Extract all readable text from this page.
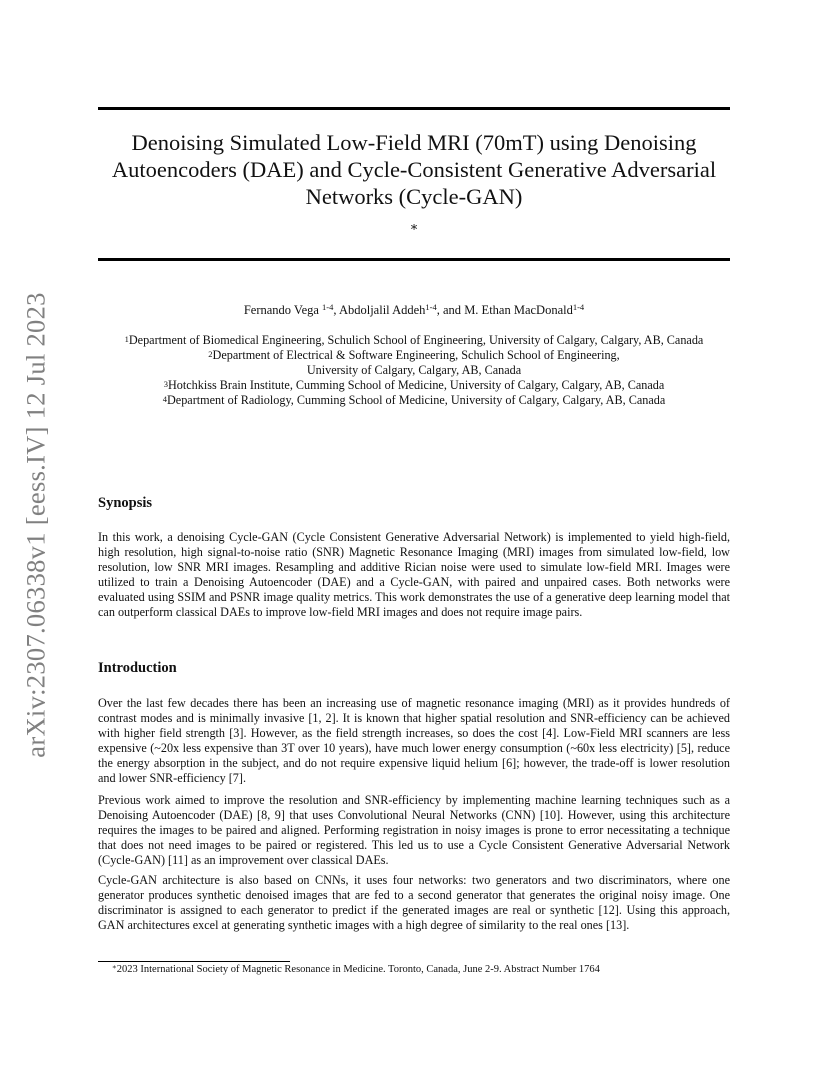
arXiv:2307.06338v1 [eess.IV] 12 Jul 2023
Denoising Simulated Low-Field MRI (70mT) using Denoising
Autoencoders (DAE) and Cycle-Consistent Generative Adversarial
Networks (Cycle-GAN)
∗
Fernando Vega $^{1-4}$, Abdoljalil Addeh$^{1-4}$, and M. Ethan MacDonald$^{1-4}$
$^1$Department of Biomedical Engineering, Schulich School of Engineering, University of Calgary, Calgary, AB, Canada
$^2$Department of Electrical & Software Engineering, Schulich School of Engineering,
University of Calgary, Calgary, AB, Canada
$^3$Hotchkiss Brain Institute, Cumming School of Medicine, University of Calgary, Calgary, AB, Canada
$^4$Department of Radiology, Cumming School of Medicine, University of Calgary, Calgary, AB, Canada
Synopsis

In this work, a denoising Cycle-GAN (Cycle Consistent Generative Adversarial Network) is implemented to yield high-field, high resolution, high signal-to-noise ratio (SNR) Magnetic Resonance Imaging (MRI) images from simulated low-field, low resolution, low SNR MRI images. Resampling and additive Rician noise were used to simulate low-field MRI. Images were utilized to train a Denoising Autoencoder (DAE) and a Cycle-GAN, with paired and unpaired cases. Both networks were evaluated using SSIM and PSNR image quality metrics. This work demonstrates the use of a generative deep learning model that can outperform classical DAEs to improve low-field MRI images and does not require image pairs.

Introduction

Over the last few decades there has been an increasing use of magnetic resonance imaging (MRI) as it provides hundreds of contrast modes and is minimally invasive [1, 2]. It is known that higher spatial resolution and SNR-efficiency can be achieved with higher field strength [3]. However, as the field strength increases, so does the cost [4]. Low-Field MRI scanners are less expensive (~20x less expensive than 3T over 10 years), have much lower energy consumption (~60x less electricity) [5], reduce the energy absorption in the subject, and do not require expensive liquid helium [6]; however, the trade-off is lower resolution and lower SNR-efficiency [7].

Previous work aimed to improve the resolution and SNR-efficiency by implementing machine learning techniques such as a Denoising Autoencoder (DAE) [8, 9] that uses Convolutional Neural Networks (CNN) [10]. However, using this architecture requires the images to be paired and aligned. Performing registration in noisy images is prone to error necessitating a technique that does not need images to be paired or registered. This led us to use a Cycle Consistent Generative Adversarial Network (Cycle-GAN) [11] as an improvement over classical DAEs.

Cycle-GAN architecture is also based on CNNs, it uses four networks: two generators and two discriminators, where one generator produces synthetic denoised images that are fed to a second generator that generates the original noisy image. One discriminator is assigned to each generator to predict if the generated images are real or synthetic [12]. Using this approach, GAN architectures excel at generating synthetic images with a high degree of similarity to the real ones [13].

∗2023 International Society of Magnetic Resonance in Medicine. Toronto, Canada, June 2-9. Abstract Number 1764
